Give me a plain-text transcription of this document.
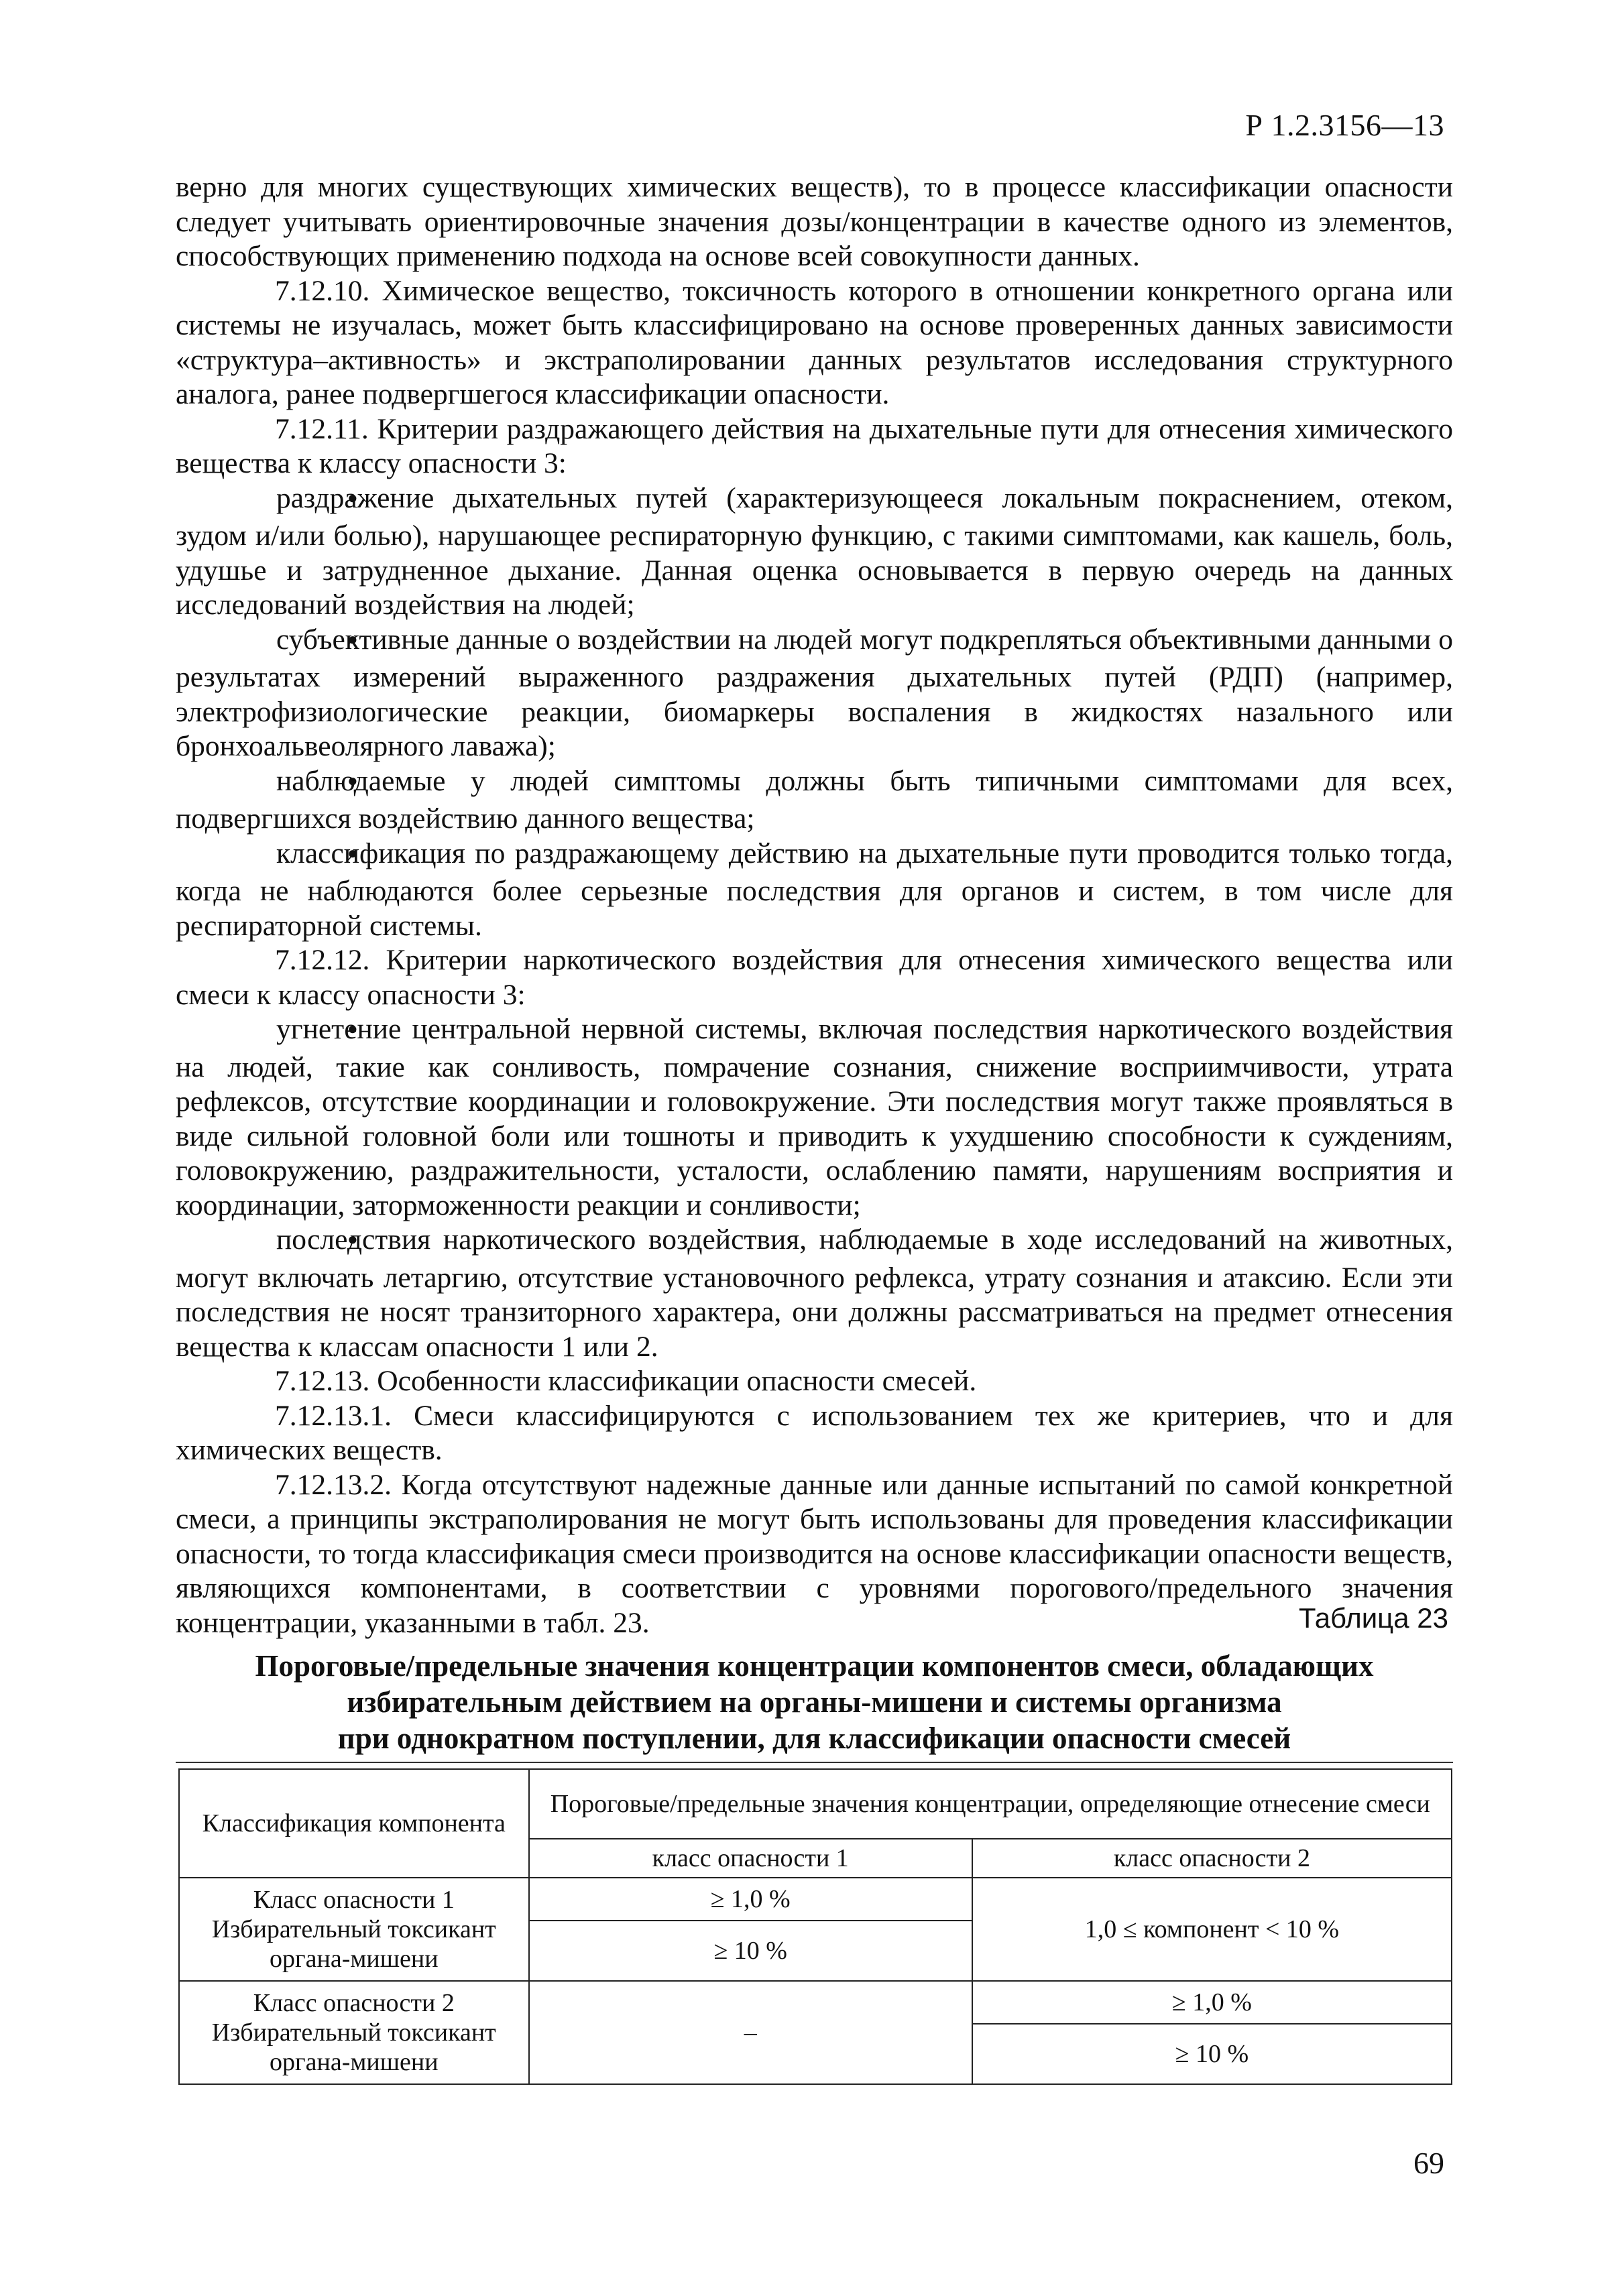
Р 1.2.3156—13

верно для многих существующих химических веществ), то в процессе классификации опасности следует учитывать ориентировочные значения дозы/концентрации в качестве одного из элементов, способствующих применению подхода на основе всей совокупности данных.

7.12.10. Химическое вещество, токсичность которого в отношении конкретного органа или системы не изучалась, может быть классифицировано на основе проверенных данных зависимости «структура–активность» и экстраполировании данных результатов исследования структурного аналога, ранее подвергшегося классификации опасности.

7.12.11. Критерии раздражающего действия на дыхательные пути для отнесения химического вещества к классу опасности 3:

раздражение дыхательных путей (характеризующееся локальным покраснением, отеком, зудом и/или болью), нарушающее респираторную функцию, с такими симптомами, как кашель, боль, удушье и затрудненное дыхание. Данная оценка основывается в первую очередь на данных исследований воздействия на людей;

субъективные данные о воздействии на людей могут подкрепляться объективными данными о результатах измерений выраженного раздражения дыхательных путей (РДП) (например, электрофизиологические реакции, биомаркеры воспаления в жидкостях назального или бронхоальвеолярного лаважа);

наблюдаемые у людей симптомы должны быть типичными симптомами для всех, подвергшихся воздействию данного вещества;

классификация по раздражающему действию на дыхательные пути проводится только тогда, когда не наблюдаются более серьезные последствия для органов и систем, в том числе для респираторной системы.

7.12.12. Критерии наркотического воздействия для отнесения химического вещества или смеси к классу опасности 3:

угнетение центральной нервной системы, включая последствия наркотического воздействия на людей, такие как сонливость, помрачение сознания, снижение восприимчивости, утрата рефлексов, отсутствие координации и головокружение. Эти последствия могут также проявляться в виде сильной головной боли или тошноты и приводить к ухудшению способности к суждениям, головокружению, раздражительности, усталости, ослаблению памяти, нарушениям восприятия и координации, заторможенности реакции и сонливости;

последствия наркотического воздействия, наблюдаемые в ходе исследований на животных, могут включать летаргию, отсутствие установочного рефлекса, утрату сознания и атаксию. Если эти последствия не носят транзиторного характера, они должны рассматриваться на предмет отнесения вещества к классам опасности 1 или 2.

7.12.13. Особенности классификации опасности смесей.

7.12.13.1. Смеси классифицируются с использованием тех же критериев, что и для химических веществ.

7.12.13.2. Когда отсутствуют надежные данные или данные испытаний по самой конкретной смеси, а принципы экстраполирования не могут быть использованы для проведения классификации опасности, то тогда классификация смеси производится на основе классификации опасности веществ, являющихся компонентами, в соответствии с уровнями порогового/предельного значения концентрации, указанными в табл. 23.	Таблица 23
Пороговые/предельные значения концентрации компонентов смеси, обладающих
избирательным действием на органы-мишени и системы организма
при однократном поступлении, для классификации опасности смесей
Классификация компонента	Пороговые/предельные значения концентрации, определяющие отнесение смеси	
	класс опасности 1	класс опасности 2

Класс опасности 1
Избирательный токсикант
органа-мишени	≥ 1,0 %	1,0 ≤ компонент < 10 %
	≥ 10 %	

Класс опасности 2
Избирательный токсикант
органа-мишени	–	≥ 1,0 %
		≥ 10 %
69
